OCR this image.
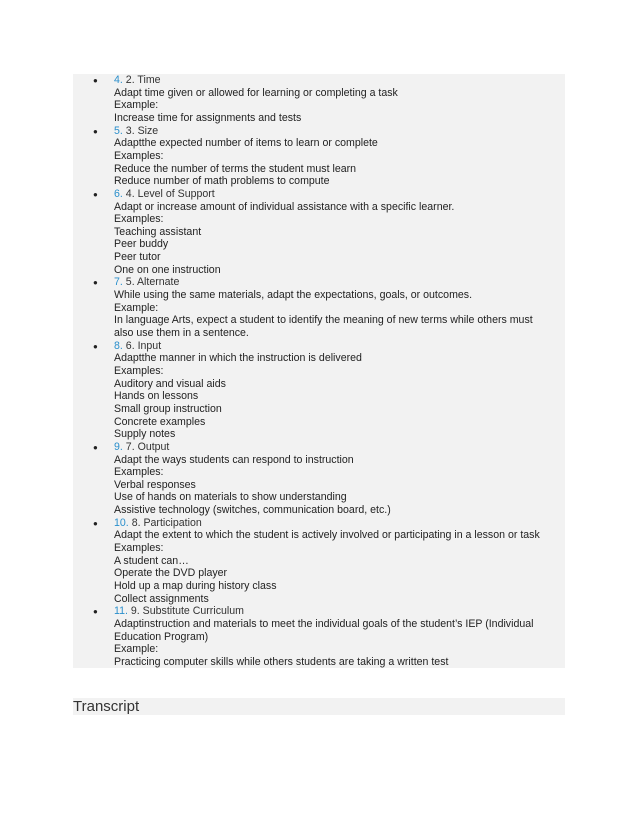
● 4. 2. Time
Adapt time given or allowed for learning or completing a task
Example:
Increase time for assignments and tests
● 5. 3. Size
Adaptthe expected number of items to learn or complete
Examples:
Reduce the number of terms the student must learn
Reduce number of math problems to compute
● 6. 4. Level of Support
Adapt or increase amount of individual assistance with a specific learner.
Examples:
Teaching assistant
Peer buddy
Peer tutor
One on one instruction
● 7. 5. Alternate
While using the same materials, adapt the expectations, goals, or outcomes.
Example:
In language Arts, expect a student to identify the meaning of new terms while others must
also use them in a sentence.
● 8. 6. Input
Adaptthe manner in which the instruction is delivered
Examples:
Auditory and visual aids
Hands on lessons
Small group instruction
Concrete examples
Supply notes
● 9. 7. Output
Adapt the ways students can respond to instruction
Examples:
Verbal responses
Use of hands on materials to show understanding
Assistive technology (switches, communication board, etc.)
● 10. 8. Participation
Adapt the extent to which the student is actively involved or participating in a lesson or task
Examples:
A student can…
Operate the DVD player
Hold up a map during history class
Collect assignments
● 11. 9. Substitute Curriculum
Adaptinstruction and materials to meet the individual goals of the student’s IEP (Individual
Education Program)
Example:
Practicing computer skills while others students are taking a written test
Transcript
